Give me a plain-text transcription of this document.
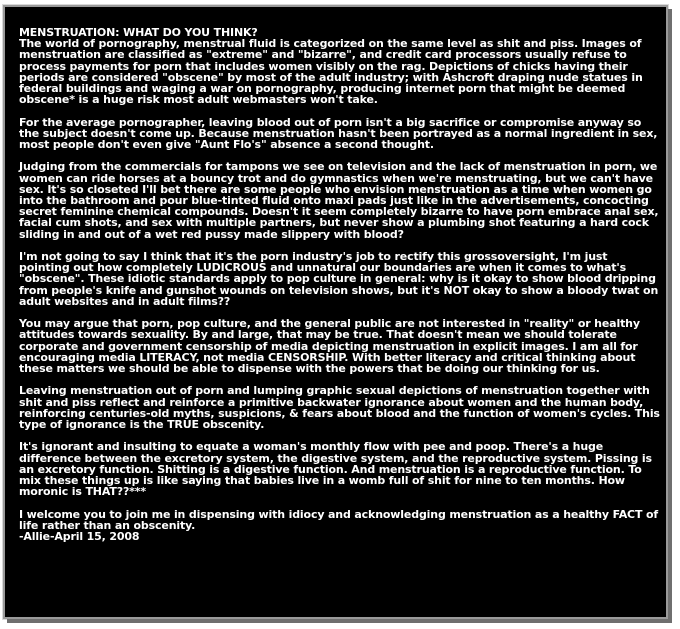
MENSTRUATION: WHAT DO YOU THINK?

The world of pornography, menstrual fluid is categorized on the same level as shit and piss. Images of menstruation are classified as "extreme" and "bizarre", and credit card processors usually refuse to process payments for porn that includes women visibly on the rag. Depictions of chicks having their periods are considered "obscene" by most of the adult industry; with Ashcroft draping nude statues in federal buildings and waging a war on pornography, producing internet porn that might be deemed obscene* is a huge risk most adult webmasters won't take.

For the average pornographer, leaving blood out of porn isn't a big sacrifice or compromise anyway so the subject doesn't come up. Because menstruation hasn't been portrayed as a normal ingredient in sex, most people don't even give "Aunt Flo's" absence a second thought.

Judging from the commercials for tampons we see on television and the lack of menstruation in porn, we women can ride horses at a bouncy trot and do gymnastics when we're menstruating, but we can't have sex. It's so closeted I'll bet there are some people who envision menstruation as a time when women go into the bathroom and pour blue-tinted fluid onto maxi pads just like in the advertisements, concocting secret feminine chemical compounds. Doesn't it seem completely bizarre to have porn embrace anal sex, facial cum shots, and sex with multiple partners, but never show a plumbing shot featuring a hard cock sliding in and out of a wet red pussy made slippery with blood?

I'm not going to say I think that it's the porn industry's job to rectify this grossoversight, I'm just pointing out how completely LUDICROUS and unnatural our boundaries are when it comes to what's "obscene". These idiotic standards apply to pop culture in general: why is it okay to show blood dripping from people's knife and gunshot wounds on television shows, but it's NOT okay to show a bloody twat on adult websites and in adult films??

You may argue that porn, pop culture, and the general public are not interested in "reality" or healthy attitudes towards sexuality. By and large, that may be true. That doesn't mean we should tolerate corporate and government censorship of media depicting menstruation in explicit images. I am all for encouraging media LITERACY, not media CENSORSHIP. With better literacy and critical thinking about these matters we should be able to dispense with the powers that be doing our thinking for us.

Leaving menstruation out of porn and lumping graphic sexual depictions of menstruation together with shit and piss reflect and reinforce a primitive backwater ignorance about women and the human body, reinforcing centuries-old myths, suspicions, & fears about blood and the function of women's cycles. This type of ignorance is the TRUE obscenity.

It's ignorant and insulting to equate a woman's monthly flow with pee and poop. There's a huge difference between the excretory system, the digestive system, and the reproductive system. Pissing is an excretory function. Shitting is a digestive function. And menstruation is a reproductive function. To mix these things up is like saying that babies live in a womb full of shit for nine to ten months. How moronic is THAT??***

I welcome you to join me in dispensing with idiocy and acknowledging menstruation as a healthy FACT of life rather than an obscenity.

-Allie-April 15, 2008
